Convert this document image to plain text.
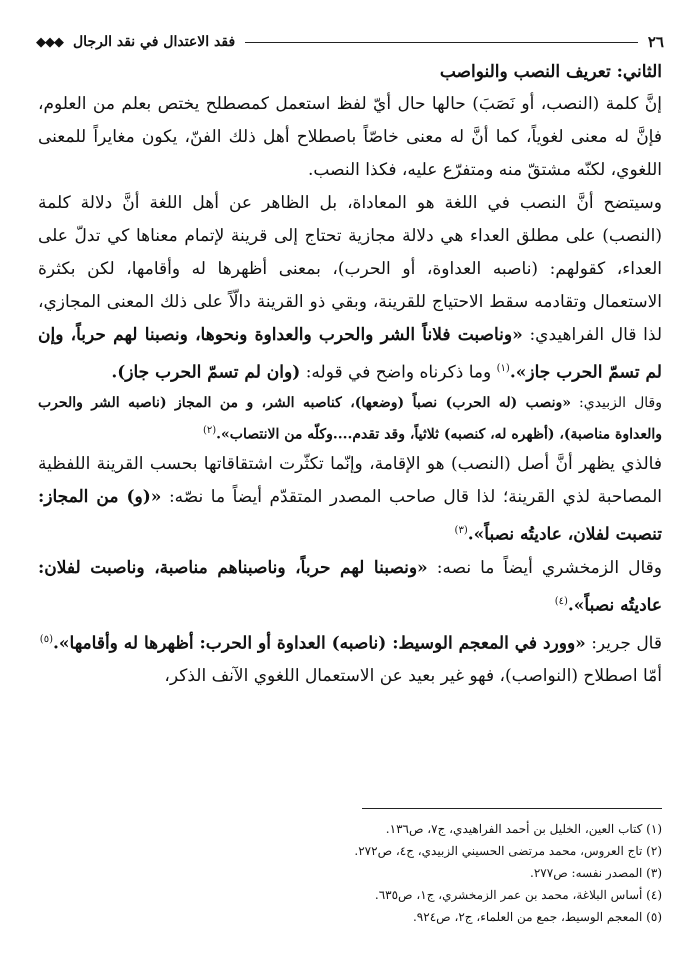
٢٦
فقد الاعتدال في نقد الرجال
◆◆◆
الثاني: تعريف النصب والنواصب

إنَّ كلمة (النصب، أو نَصَبَ) حالها حال أيّ لفظ استعمل كمصطلح يختص بعلم من العلوم، فإنَّ له معنى لغوياً، كما أنَّ له معنى خاصّاً باصطلاح أهل ذلك الفنّ، يكون مغايراً للمعنى اللغوي، لكنّه مشتقّ منه ومتفرّع عليه، فكذا النصب.

وسيتضح أنَّ النصب في اللغة هو المعاداة، بل الظاهر عن أهل اللغة أنَّ دلالة كلمة (النصب) على مطلق العداء هي دلالة مجازية تحتاج إلى قرينة لإتمام معناها كي تدلّ على العداء، كقولهم: (ناصبه العداوة، أو الحرب)، بمعنى أظهرها له وأقامها، لكن بكثرة الاستعمال وتقادمه سقط الاحتياج للقرينة، وبقي ذو القرينة دالّاً على ذلك المعنى المجازي، لذا قال الفراهيدي: «وناصبت فلاناً الشر والحرب والعداوة ونحوها، ونصبنا لهم حرباً، وإن لم تسمّ الحرب جاز».$^{(١)}$ وما ذكرناه واضح في قوله: (وان لم تسمّ الحرب جاز).

وقال الزبيدي: «ونصب (له الحرب) نصباً (وضعها)، كناصبه الشر، و من المجاز (ناصبه الشر والحرب والعداوة مناصبة)، (أظهره له، كنصبه) ثلاثياً، وقد تقدم....وكلّه من الانتصاب».$^{(٢)}$

فالذي يظهر أنَّ أصل (النصب) هو الإقامة، وإنّما تكثّرت اشتقاقاتها بحسب القرينة اللفظية المصاحبة لذي القرينة؛ لذا قال صاحب المصدر المتقدّم أيضاً ما نصّه: «(و) من المجاز: تنصبت لفلان، عاديتُه نصباً».$^{(٣)}$

وقال الزمخشري أيضاً ما نصه: «ونصبنا لهم حرباً، وناصبناهم مناصبة، وناصبت لفلان: عاديتُه نصباً».$^{(٤)}$

قال جرير: «وورد في المعجم الوسيط: (ناصبه) العداوة أو الحرب: أظهرها له وأقامها».$^{(٥)}$

أمّا اصطلاح (النواصب)، فهو غير بعيد عن الاستعمال اللغوي الآنف الذكر،

(١) كتاب العين، الخليل بن أحمد الفراهيدي، ج٧، ص١٣٦.
(٢) تاج العروس، محمد مرتضى الحسيني الزبيدي، ج٤، ص٢٧٢.
(٣) المصدر نفسه: ص٢٧٧.
(٤) أساس البلاغة، محمد بن عمر الزمخشري، ج١، ص٦٣٥.
(٥) المعجم الوسيط، جمع من العلماء، ج٢، ص٩٢٤.
